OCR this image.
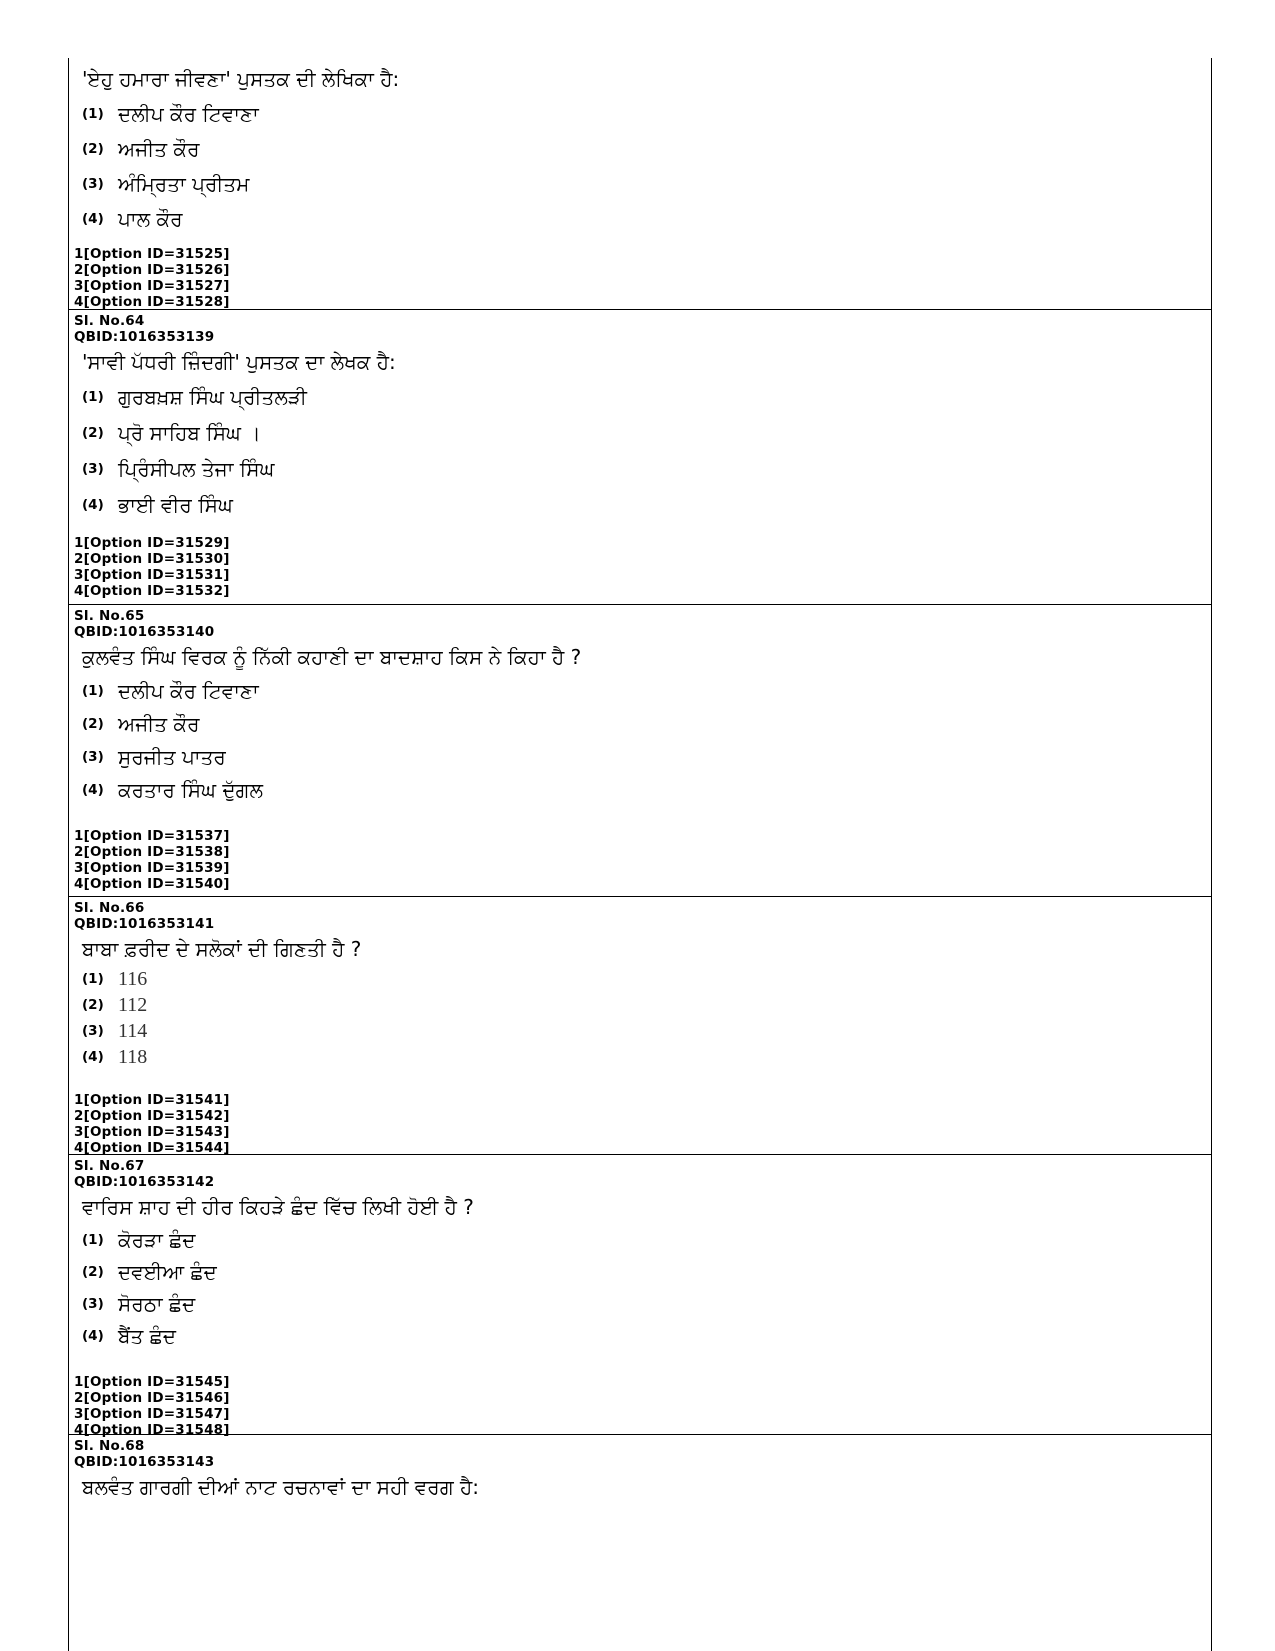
'ਏਹੁ ਹਮਾਰਾ ਜੀਵਣਾ' ਪੁਸਤਕ ਦੀ ਲੇਖਿਕਾ ਹੈ:
(1) ਦਲੀਪ ਕੌਰ ਟਿਵਾਣਾ
(2) ਅਜੀਤ ਕੌਰ
(3) ਅੰਮ੍ਰਿਤਾ ਪ੍ਰੀਤਮ
(4) ਪਾਲ ਕੌਰ
1[Option ID=31525]
2[Option ID=31526]
3[Option ID=31527]
4[Option ID=31528]
Sl. No.64
QBID:1016353139
'ਸਾਵੀ ਪੱਧਰੀ ਜ਼ਿੰਦਗੀ' ਪੁਸਤਕ ਦਾ ਲੇਖਕ ਹੈ:
(1) ਗੁਰਬਖ਼ਸ਼ ਸਿੰਘ ਪ੍ਰੀਤਲੜੀ
(2) ਪ੍ਰੋ ਸਾਹਿਬ ਸਿੰਘ ।
(3) ਪ੍ਰਿੰਸੀਪਲ ਤੇਜਾ ਸਿੰਘ
(4) ਭਾਈ ਵੀਰ ਸਿੰਘ
1[Option ID=31529]
2[Option ID=31530]
3[Option ID=31531]
4[Option ID=31532]
Sl. No.65
QBID:1016353140
ਕੁਲਵੰਤ ਸਿੰਘ ਵਿਰਕ ਨੂੰ ਨਿੱਕੀ ਕਹਾਣੀ ਦਾ ਬਾਦਸ਼ਾਹ ਕਿਸ ਨੇ ਕਿਹਾ ਹੈ ?
(1) ਦਲੀਪ ਕੌਰ ਟਿਵਾਣਾ
(2) ਅਜੀਤ ਕੌਰ
(3) ਸੁਰਜੀਤ ਪਾਤਰ
(4) ਕਰਤਾਰ ਸਿੰਘ ਦੁੱਗਲ
1[Option ID=31537]
2[Option ID=31538]
3[Option ID=31539]
4[Option ID=31540]
Sl. No.66
QBID:1016353141
ਬਾਬਾ ਫ਼ਰੀਦ ਦੇ ਸਲੋਕਾਂ ਦੀ ਗਿਣਤੀ ਹੈ ?
(1) 116
(2) 112
(3) 114
(4) 118
1[Option ID=31541]
2[Option ID=31542]
3[Option ID=31543]
4[Option ID=31544]
Sl. No.67
QBID:1016353142
ਵਾਰਿਸ ਸ਼ਾਹ ਦੀ ਹੀਰ ਕਿਹੜੇ ਛੰਦ ਵਿੱਚ ਲਿਖੀ ਹੋਈ ਹੈ ?
(1) ਕੋਰੜਾ ਛੰਦ
(2) ਦਵਈਆ ਛੰਦ
(3) ਸੋਰਠਾ ਛੰਦ
(4) ਬੈਂਤ ਛੰਦ
1[Option ID=31545]
2[Option ID=31546]
3[Option ID=31547]
4[Option ID=31548]
Sl. No.68
QBID:1016353143
ਬਲਵੰਤ ਗਾਰਗੀ ਦੀਆਂ ਨਾਟ ਰਚਨਾਵਾਂ ਦਾ ਸਹੀ ਵਰਗ ਹੈ:
